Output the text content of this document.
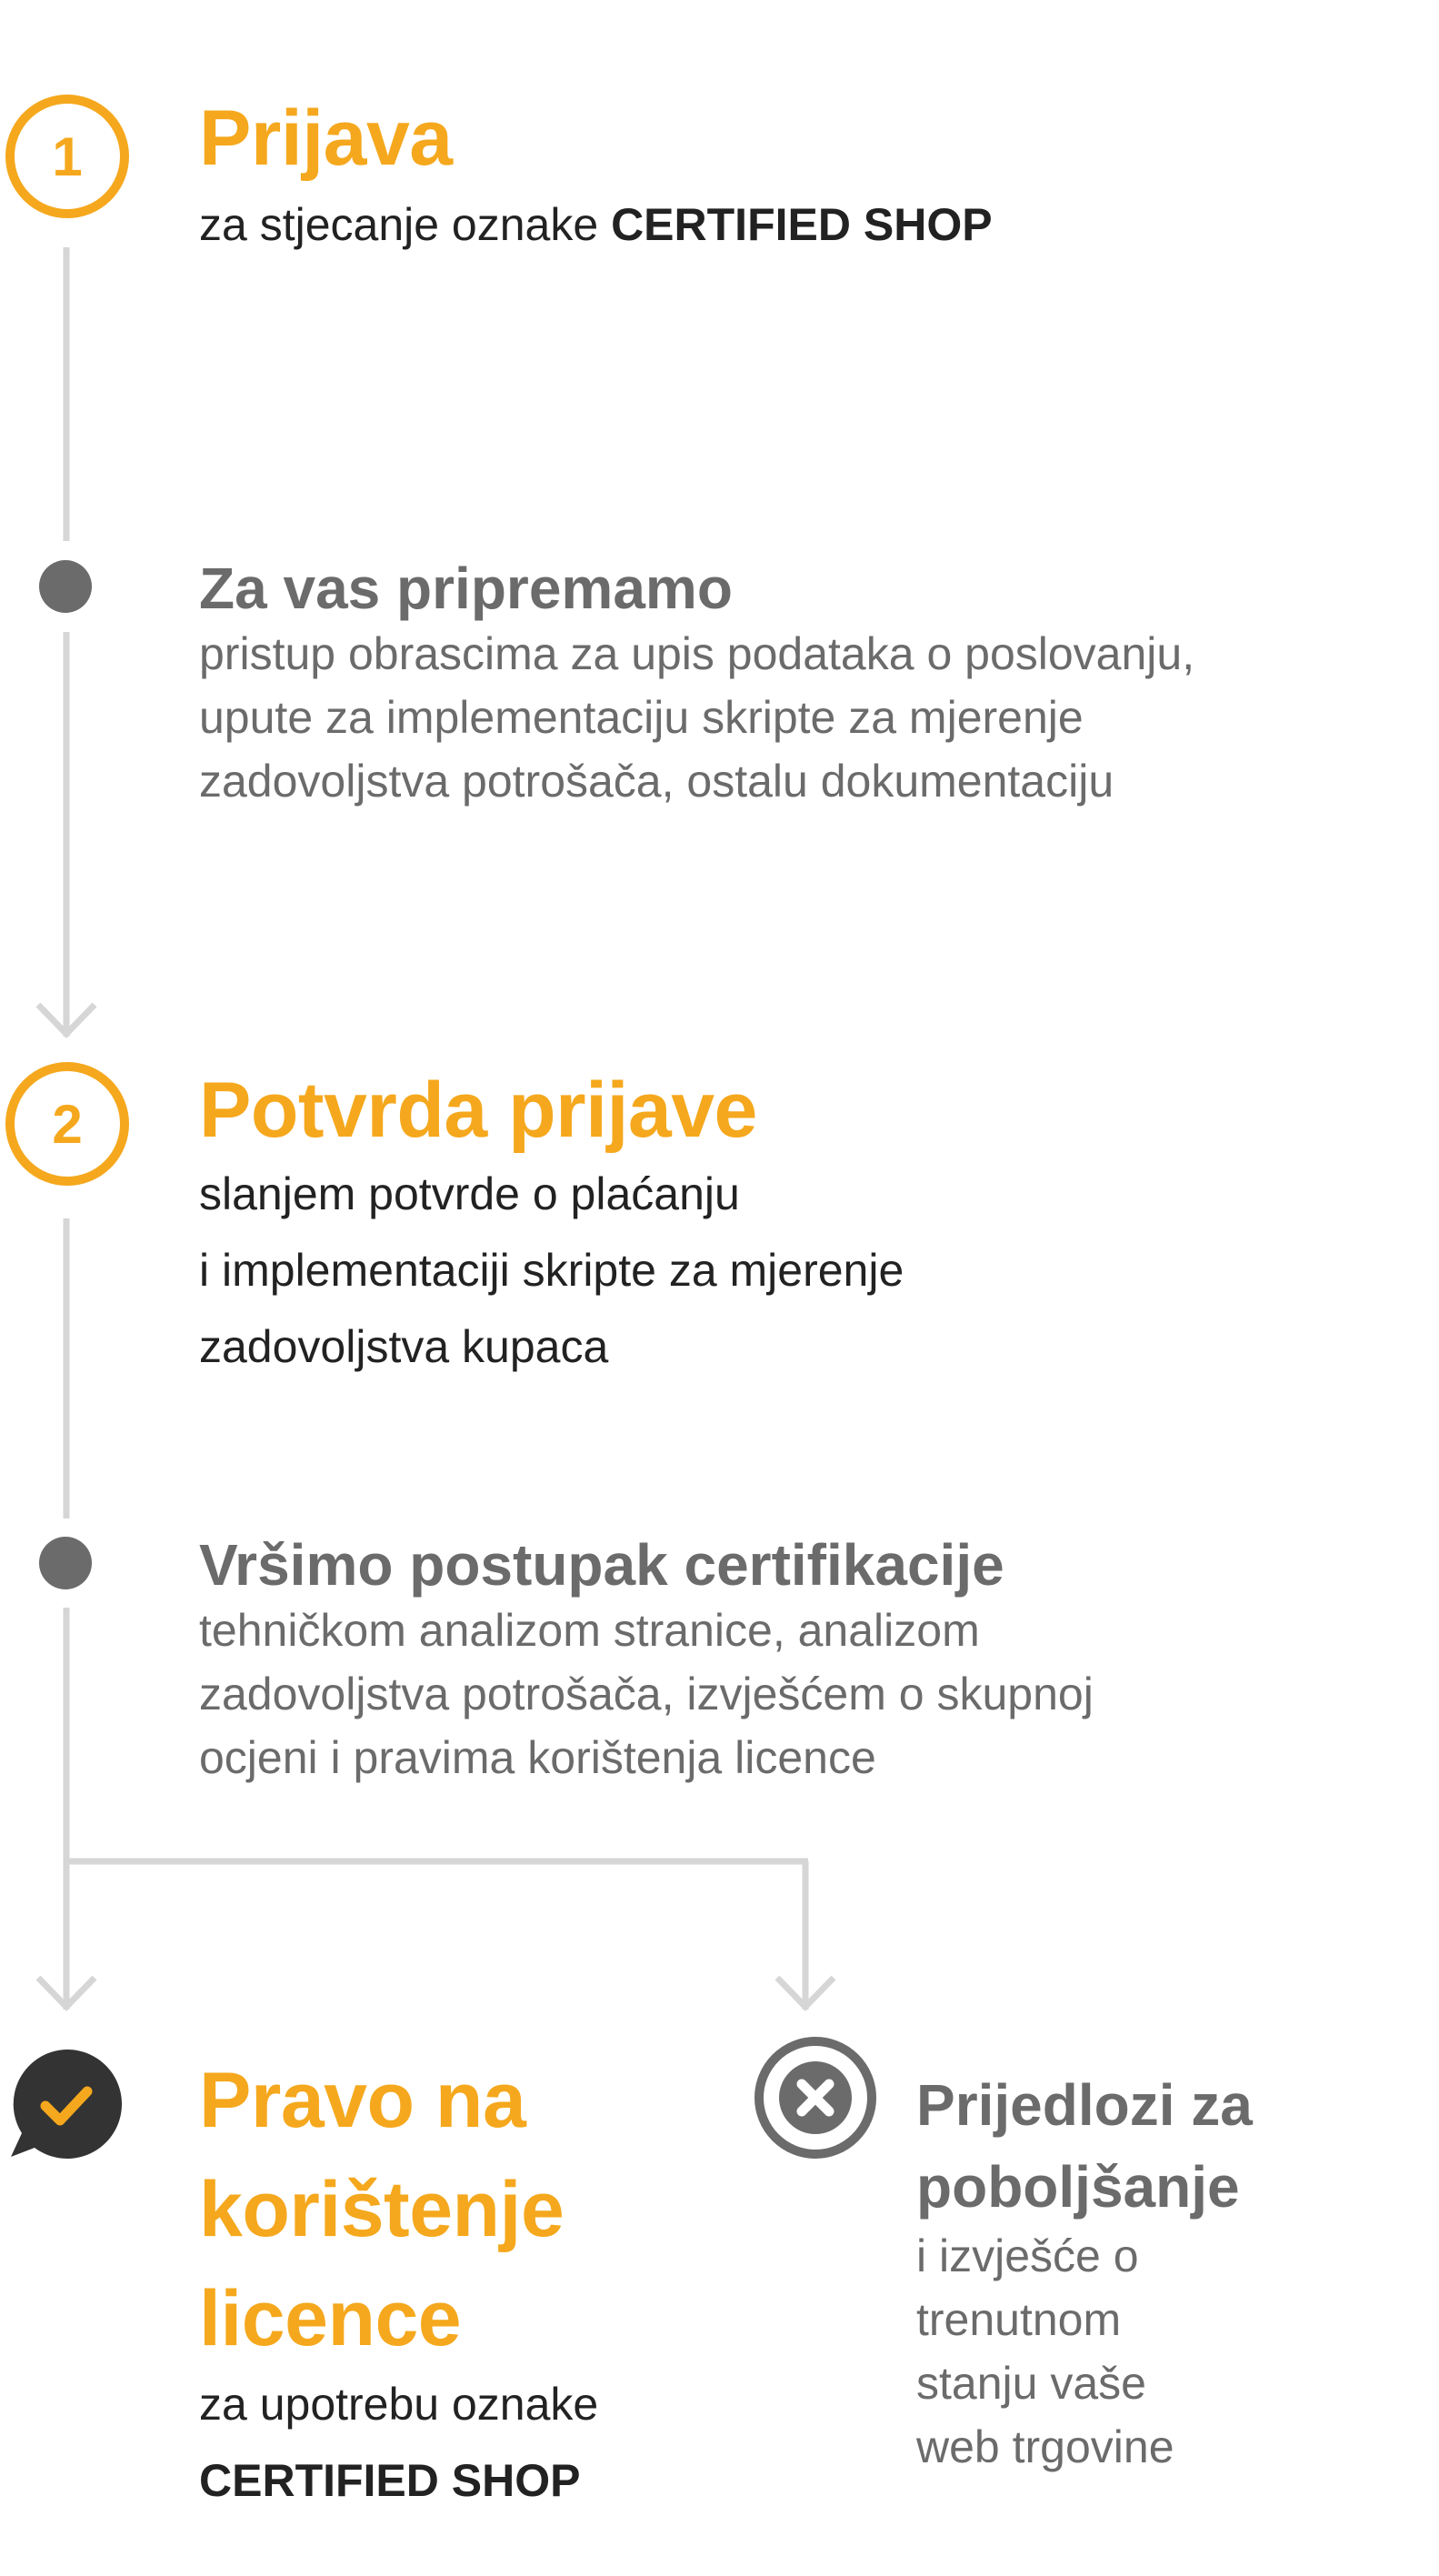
1 Prijava

za stjecanje oznake CERTIFIED SHOP

Za vas pripremamo

pristup obrascima za upis podataka o poslovanju,
upute za implementaciju skripte za mjerenje
zadovoljstva potrošača, ostalu dokumentaciju

2 Potvrda prijave

slanjem potvrde o plaćanju
i implementaciji skripte za mjerenje
zadovoljstva kupaca

Vršimo postupak certifikacije

tehničkom analizom stranice, analizom
zadovoljstva potrošača, izvješćem o skupnoj
ocjeni i pravima korištenja licence

Pravo na
korištenje
licence

za upotrebu oznake
CERTIFIED SHOP

Prijedlozi za
poboljšanje

i izvješće o
trenutnom
stanju vaše
web trgovine
